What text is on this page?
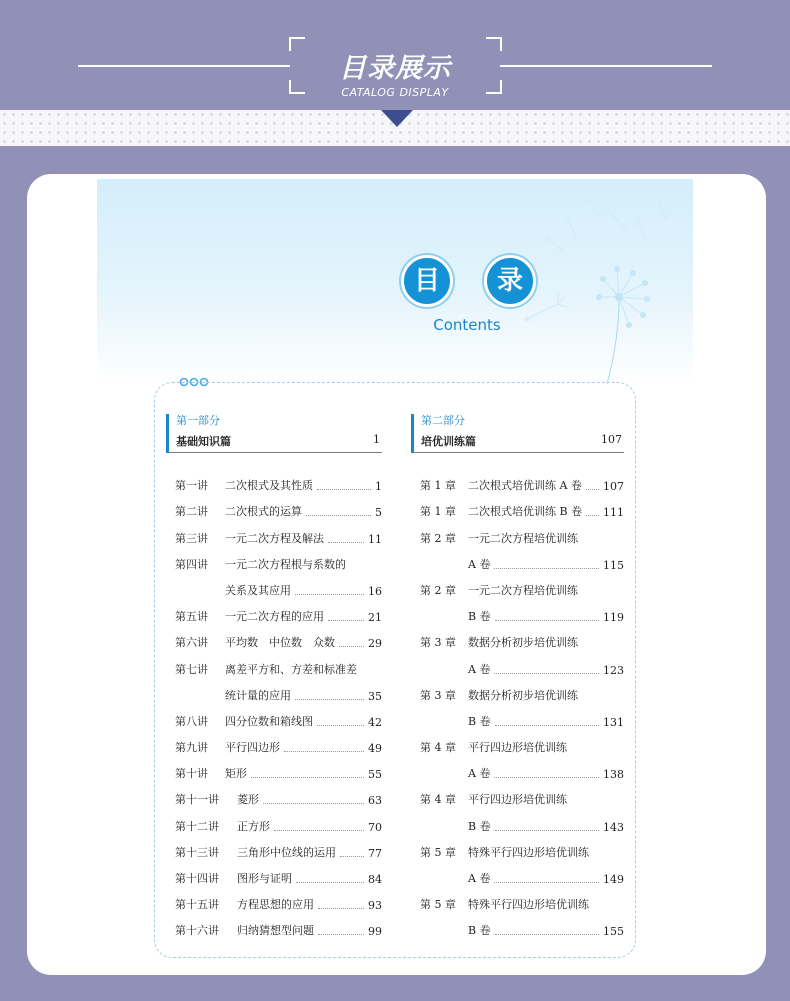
目录展示
CATALOG DISPLAY
目	录
Contents
第一部分
基础知识篇	1
第一讲	二次根式及其性质	1
第二讲	二次根式的运算	5
第三讲	一元二次方程及解法	11
第四讲	一元二次方程根与系数的
关系及其应用	16
第五讲	一元二次方程的应用	21
第六讲	平均数　中位数　众数	29
第七讲	离差平方和、方差和标准差
统计量的应用	35
第八讲	四分位数和箱线图	42
第九讲	平行四边形	49
第十讲	矩形	55
第十一讲	菱形	63
第十二讲	正方形	70
第十三讲	三角形中位线的运用	77
第十四讲	图形与证明	84
第十五讲	方程思想的应用	93
第十六讲	归纳猜想型问题	99
第二部分
培优训练篇	107
第 1 章	二次根式培优训练 A 卷 107
第 1 章	二次根式培优训练 B 卷 111
第 2 章	一元二次方程培优训练
A 卷	115
第 2 章	一元二次方程培优训练
B 卷	119
第 3 章	数据分析初步培优训练
A 卷	123
第 3 章	数据分析初步培优训练
B 卷	131
第 4 章	平行四边形培优训练
A 卷	138
第 4 章	平行四边形培优训练
B 卷	143
第 5 章	特殊平行四边形培优训练
A 卷	149
第 5 章	特殊平行四边形培优训练
B 卷	155
